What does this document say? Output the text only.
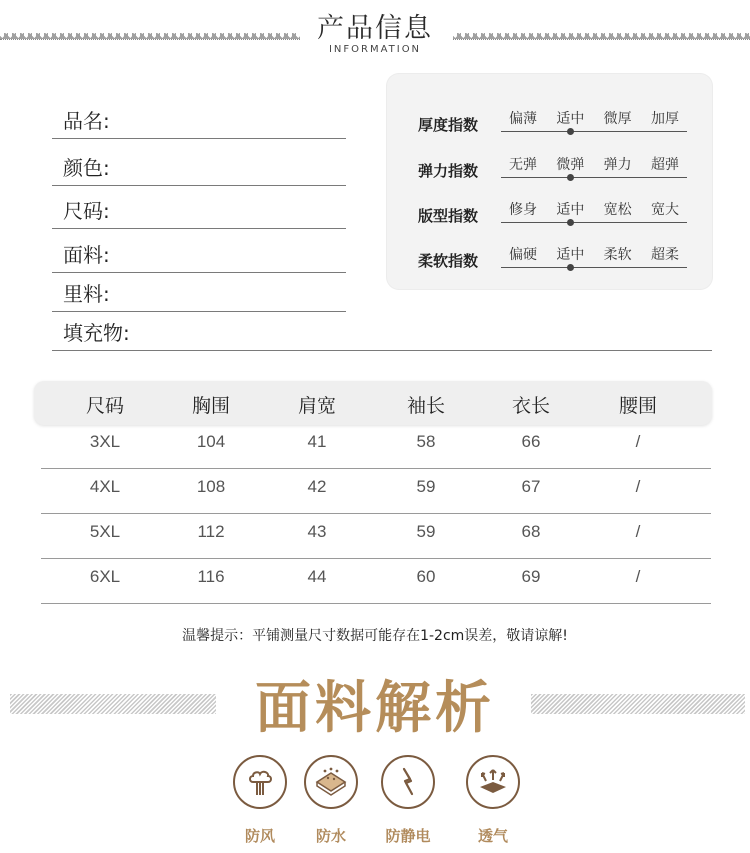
产品信息
INFORMATION
品名:
颜色:
尺码:
面料:
里料:
填充物:
厚度指数	偏薄	适中	微厚	加厚
弹力指数	无弹	微弹	弹力	超弹
版型指数	修身	适中	宽松	宽大
柔软指数	偏硬	适中	柔软	超柔
尺码	胸围	肩宽	袖长	衣长	腰围
3XL	104	41	58	66	/
4XL	108	42	59	67	/
5XL	112	43	59	68	/
6XL	116	44	60	69	/
温馨提示：平铺测量尺寸数据可能存在1-2cm误差，敬请谅解!
面料解析
防风	防水	防静电	透气
